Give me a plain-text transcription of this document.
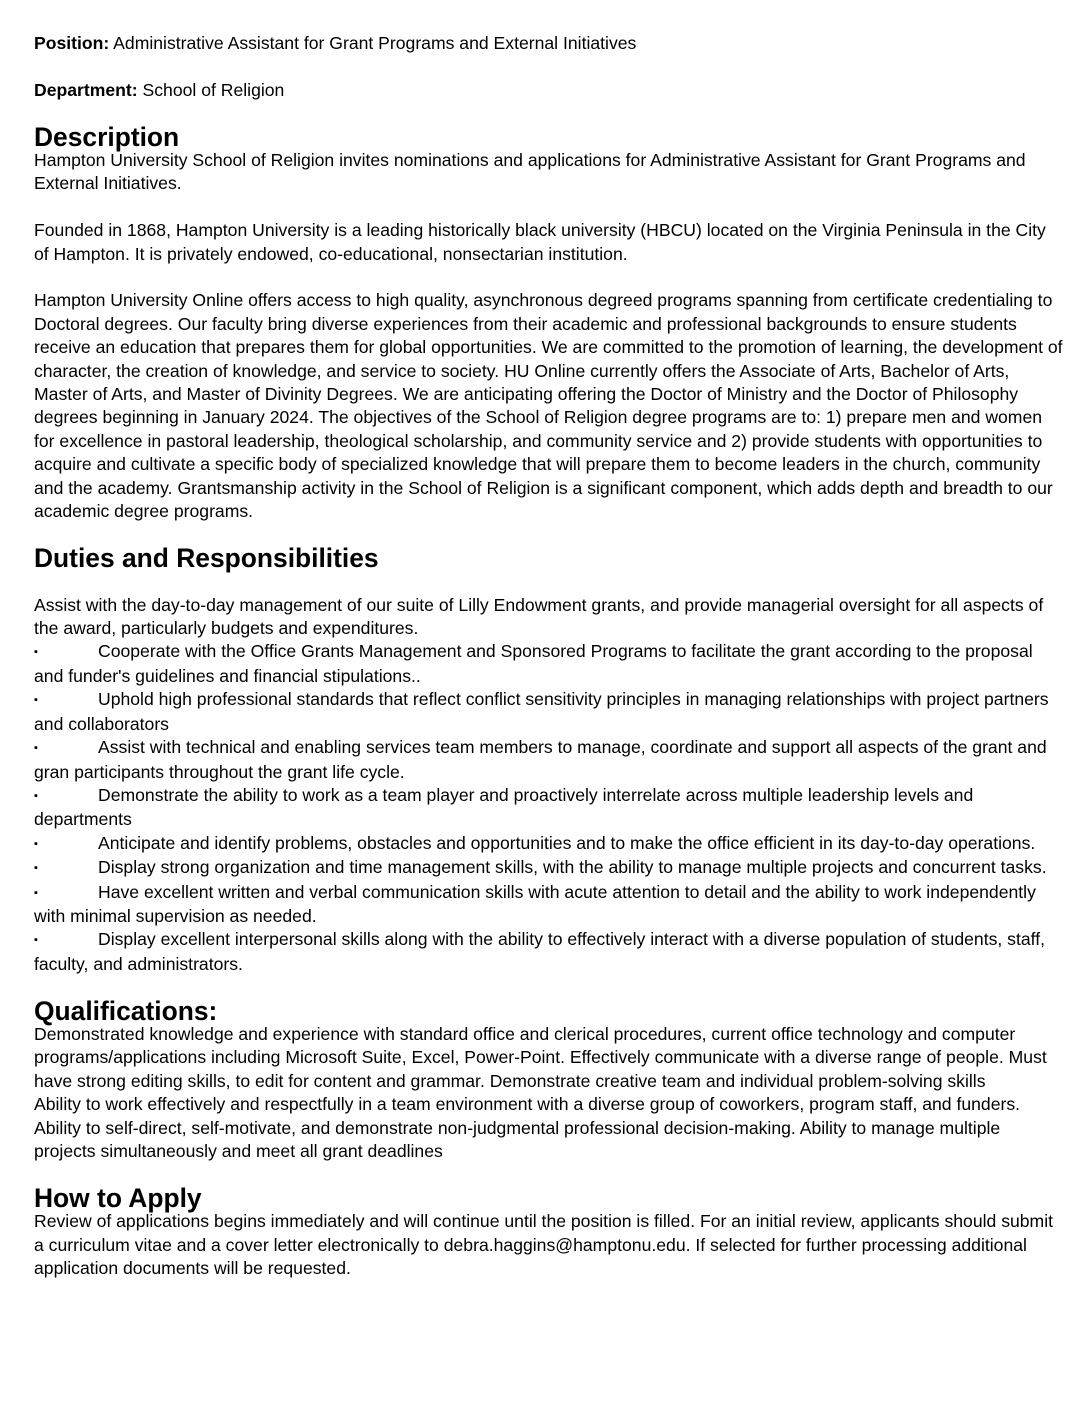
Position: Administrative Assistant for Grant Programs and External Initiatives

Department: School of Religion

Description

Hampton University School of Religion invites nominations and applications for Administrative Assistant for Grant Programs and External Initiatives.

Founded in 1868, Hampton University is a leading historically black university (HBCU) located on the Virginia Peninsula in the City of Hampton. It is privately endowed, co-educational, nonsectarian institution.

Hampton University Online offers access to high quality, asynchronous degreed programs spanning from certificate credentialing to Doctoral degrees. Our faculty bring diverse experiences from their academic and professional backgrounds to ensure students receive an education that prepares them for global opportunities. We are committed to the promotion of learning, the development of character, the creation of knowledge, and service to society. HU Online currently offers the Associate of Arts, Bachelor of Arts, Master of Arts, and Master of Divinity Degrees. We are anticipating offering the Doctor of Ministry and the Doctor of Philosophy degrees beginning in January 2024. The objectives of the School of Religion degree programs are to: 1) prepare men and women for excellence in pastoral leadership, theological scholarship, and community service and 2) provide students with opportunities to acquire and cultivate a specific body of specialized knowledge that will prepare them to become leaders in the church, community and the academy. Grantsmanship activity in the School of Religion is a significant component, which adds depth and breadth to our academic degree programs.

Duties and Responsibilities

Assist with the day-to-day management of our suite of Lilly Endowment grants, and provide managerial oversight for all aspects of the award, particularly budgets and expenditures.

▪	Cooperate with the Office Grants Management and Sponsored Programs to facilitate the grant according to the proposal and funder's guidelines and financial stipulations..

▪	Uphold high professional standards that reflect conflict sensitivity principles in managing relationships with project partners and collaborators

▪	Assist with technical and enabling services team members to manage, coordinate and support all aspects of the grant and gran participants throughout the grant life cycle.

▪	Demonstrate the ability to work as a team player and proactively interrelate across multiple leadership levels and departments

▪	Anticipate and identify problems, obstacles and opportunities and to make the office efficient in its day-to-day operations.

▪	Display strong organization and time management skills, with the ability to manage multiple projects and concurrent tasks.

▪	Have excellent written and verbal communication skills with acute attention to detail and the ability to work independently with minimal supervision as needed.

▪	Display excellent interpersonal skills along with the ability to effectively interact with a diverse population of students, staff, faculty, and administrators.

Qualifications:

Demonstrated knowledge and experience with standard office and clerical procedures, current office technology and computer programs/applications including Microsoft Suite, Excel, Power-Point. Effectively communicate with a diverse range of people. Must have strong editing skills, to edit for content and grammar. Demonstrate creative team and individual problem-solving skills

Ability to work effectively and respectfully in a team environment with a diverse group of coworkers, program staff, and funders. Ability to self-direct, self-motivate, and demonstrate non-judgmental professional decision-making. Ability to manage multiple projects simultaneously and meet all grant deadlines

How to Apply

Review of applications begins immediately and will continue until the position is filled. For an initial review, applicants should submit a curriculum vitae and a cover letter electronically to debra.haggins@hamptonu.edu. If selected for further processing additional application documents will be requested.
